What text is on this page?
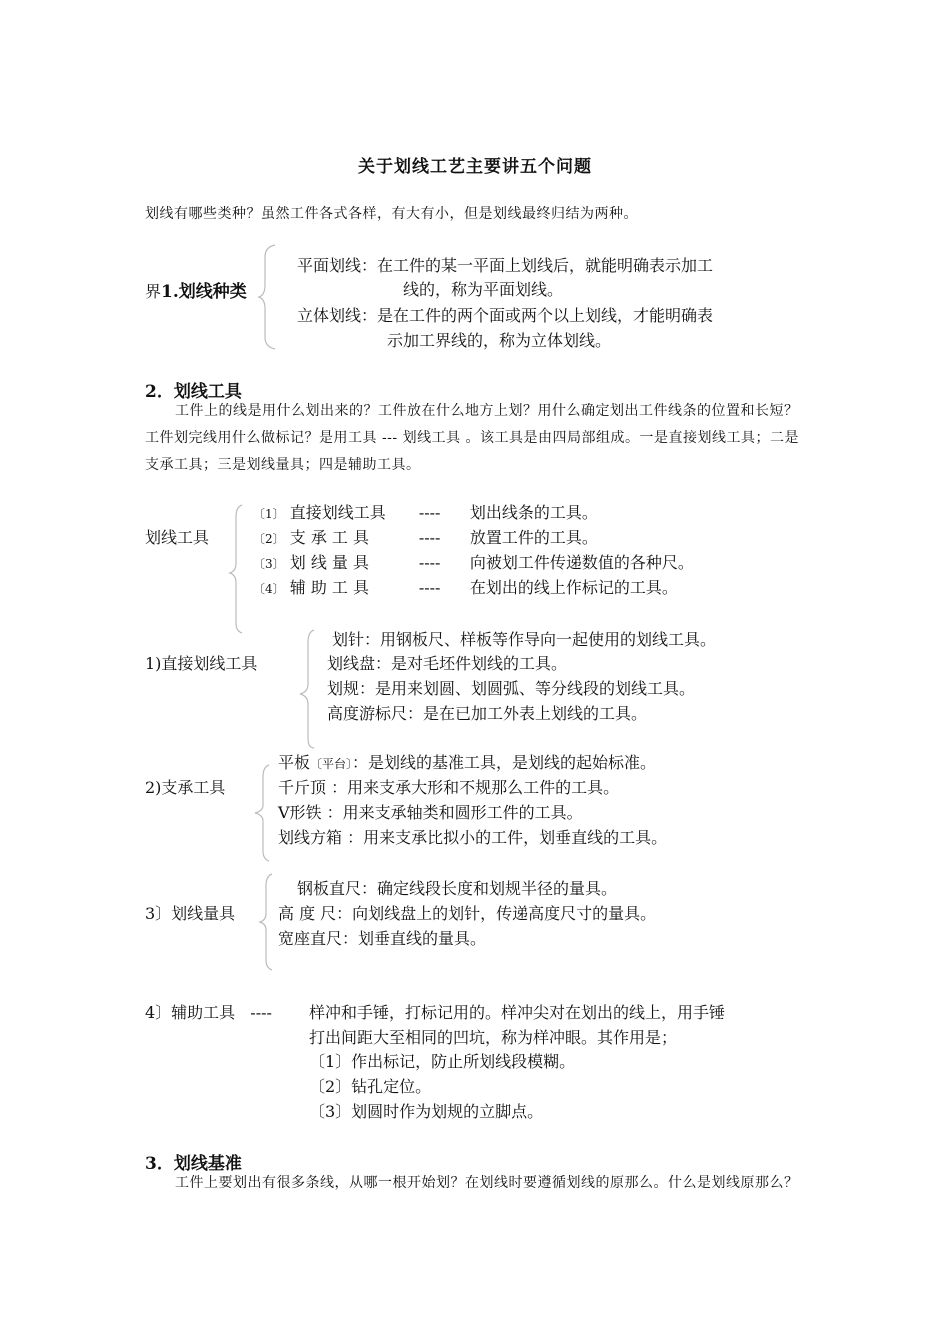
关于划线工艺主要讲五个问题
划线有哪些类种？虽然工件各式各样，有大有小，但是划线最终归结为两种。
界1.划线种类
平面划线：在工件的某一平面上划线后，就能明确表示加工
线的，称为平面划线。
立体划线：是在工件的两个面或两个以上划线，才能明确表
示加工界线的，称为立体划线。
2．划线工具
工件上的线是用什么划出来的？工件放在什么地方上划？用什么确定划出工件线条的位置和长短？工件划完线用什么做标记？是用工具 --- 划线工具 。该工具是由四局部组成。一是直接划线工具；二是支承工具；三是划线量具；四是辅助工具。
划线工具
〔1〕 直接划线工具 ---- 划出线条的工具。
〔2〕 支 承 工 具	---- 放置工件的工具。
〔3〕 划 线 量 具	---- 向被划工件传递数值的各种尺。
〔4〕 辅 助 工 具	---- 在划出的线上作标记的工具。
1)直接划线工具
划针：用钢板尺、样板等作导向一起使用的划线工具。
划线盘：是对毛坯件划线的工具。
划规：是用来划圆、划圆弧、等分线段的划线工具。
高度游标尺：是在已加工外表上划线的工具。
2)支承工具
平板〔平台〕：是划线的基准工具，是划线的起始标准。
千斤顶 ：用来支承大形和不规那么工件的工具。
V形铁 ：用来支承轴类和圆形工件的工具。
划线方箱 ：用来支承比拟小的工件，划垂直线的工具。
3〕划线量具
钢板直尺：确定线段长度和划规半径的量具。
高 度 尺：向划线盘上的划针，传递高度尺寸的量具。
宽座直尺：划垂直线的量具。
4〕辅助工具 ---- 样冲和手锤，打标记用的。样冲尖对在划出的线上，用手锤
打出间距大至相同的凹坑，称为样冲眼。其作用是；
〔1〕作出标记，防止所划线段模糊。
〔2〕钻孔定位。
〔3〕划圆时作为划规的立脚点。
3．划线基准
工件上要划出有很多条线，从哪一根开始划？在划线时要遵循划线的原那么。什么是划线原那么？
